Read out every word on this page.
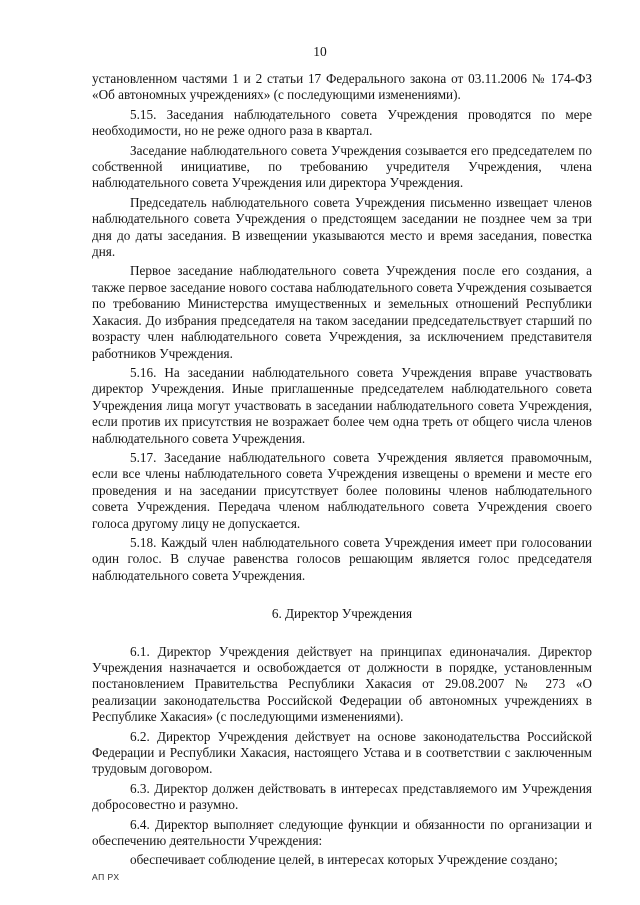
10

установленном частями 1 и 2 статьи 17 Федерального закона от 03.11.2006 № 174-ФЗ «Об автономных учреждениях» (с последующими изменениями).

5.15. Заседания наблюдательного совета Учреждения проводятся по мере необходимости, но не реже одного раза в квартал.

Заседание наблюдательного совета Учреждения созывается его председателем по собственной инициативе, по требованию учредителя Учреждения, члена наблюдательного совета Учреждения или директора Учреждения.

Председатель наблюдательного совета Учреждения письменно извещает членов наблюдательного совета Учреждения о предстоящем заседании не позднее чем за три дня до даты заседания. В извещении указываются место и время заседания, повестка дня.

Первое заседание наблюдательного совета Учреждения после его создания, а также первое заседание нового состава наблюдательного совета Учреждения созывается по требованию Министерства имущественных и земельных отношений Республики Хакасия. До избрания председателя на таком заседании председательствует старший по возрасту член наблюдательного совета Учреждения, за исключением представителя работников Учреждения.

5.16. На заседании наблюдательного совета Учреждения вправе участвовать директор Учреждения. Иные приглашенные председателем наблюдательного совета Учреждения лица могут участвовать в заседании наблюдательного совета Учреждения, если против их присутствия не возражает более чем одна треть от общего числа членов наблюдательного совета Учреждения.

5.17. Заседание наблюдательного совета Учреждения является правомочным, если все члены наблюдательного совета Учреждения извещены о времени и месте его проведения и на заседании присутствует более половины членов наблюдательного совета Учреждения. Передача членом наблюдательного совета Учреждения своего голоса другому лицу не допускается.

5.18. Каждый член наблюдательного совета Учреждения имеет при голосовании один голос. В случае равенства голосов решающим является голос председателя наблюдательного совета Учреждения.

6. Директор Учреждения

6.1. Директор Учреждения действует на принципах единоначалия. Директор Учреждения назначается и освобождается от должности в порядке, установленным постановлением Правительства Республики Хакасия от 29.08.2007 № 273 «О реализации законодательства Российской Федерации об автономных учреждениях в Республике Хакасия» (с последующими изменениями).

6.2. Директор Учреждения действует на основе законодательства Российской Федерации и Республики Хакасия, настоящего Устава и в соответствии с заключенным трудовым договором.

6.3. Директор должен действовать в интересах представляемого им Учреждения добросовестно и разумно.

6.4. Директор выполняет следующие функции и обязанности по организации и обеспечению деятельности Учреждения:

обеспечивает соблюдение целей, в интересах которых Учреждение создано;

АП РХ
